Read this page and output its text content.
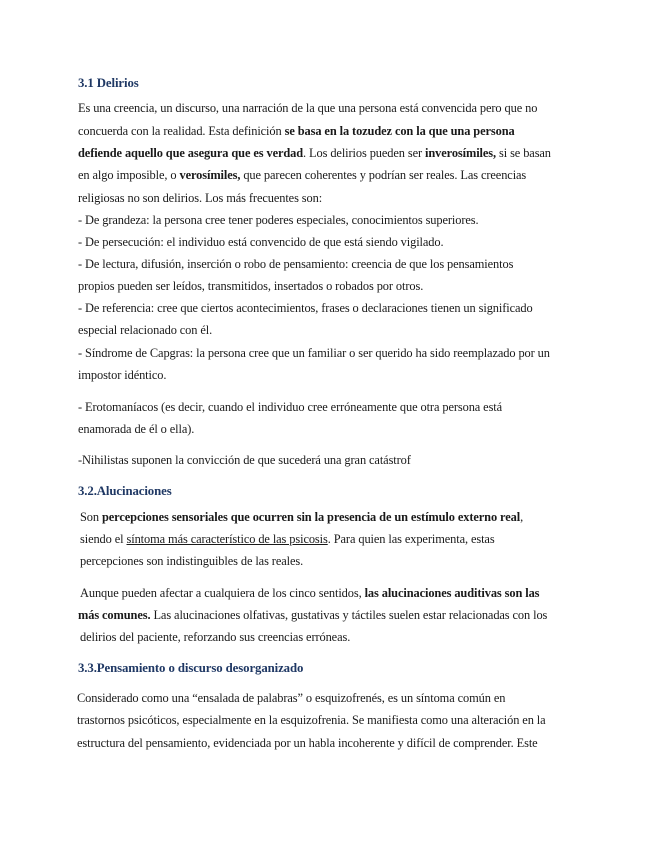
3.1 Delirios
Es una creencia, un discurso, una narración de la que una persona está convencida pero que no
concuerda con la realidad. Esta definición se basa en la tozudez con la que una persona
defiende aquello que asegura que es verdad. Los delirios pueden ser inverosímiles, si se basan
en algo imposible, o verosímiles, que parecen coherentes y podrían ser reales. Las creencias
religiosas no son delirios. Los más frecuentes son:
- De grandeza: la persona cree tener poderes especiales, conocimientos superiores.
- De persecución: el individuo está convencido de que está siendo vigilado.
- De lectura, difusión, inserción o robo de pensamiento: creencia de que los pensamientos
propios pueden ser leídos, transmitidos, insertados o robados por otros.
- De referencia: cree que ciertos acontecimientos, frases o declaraciones tienen un significado
especial relacionado con él.
- Síndrome de Capgras: la persona cree que un familiar o ser querido ha sido reemplazado por un
impostor idéntico.
- Erotomaníacos (es decir, cuando el individuo cree erróneamente que otra persona está
enamorada de él o ella).
-Nihilistas suponen la convicción de que sucederá una gran catástrof
3.2.Alucinaciones
Son percepciones sensoriales que ocurren sin la presencia de un estímulo externo real,
siendo el síntoma más característico de las psicosis. Para quien las experimenta, estas
percepciones son indistinguibles de las reales.
Aunque pueden afectar a cualquiera de los cinco sentidos, las alucinaciones auditivas son las
más comunes. Las alucinaciones olfativas, gustativas y táctiles suelen estar relacionadas con los
delirios del paciente, reforzando sus creencias erróneas.
3.3.Pensamiento o discurso desorganizado
Considerado como una “ensalada de palabras” o esquizofrenés, es un síntoma común en
trastornos psicóticos, especialmente en la esquizofrenia. Se manifiesta como una alteración en la
estructura del pensamiento, evidenciada por un habla incoherente y difícil de comprender. Este
